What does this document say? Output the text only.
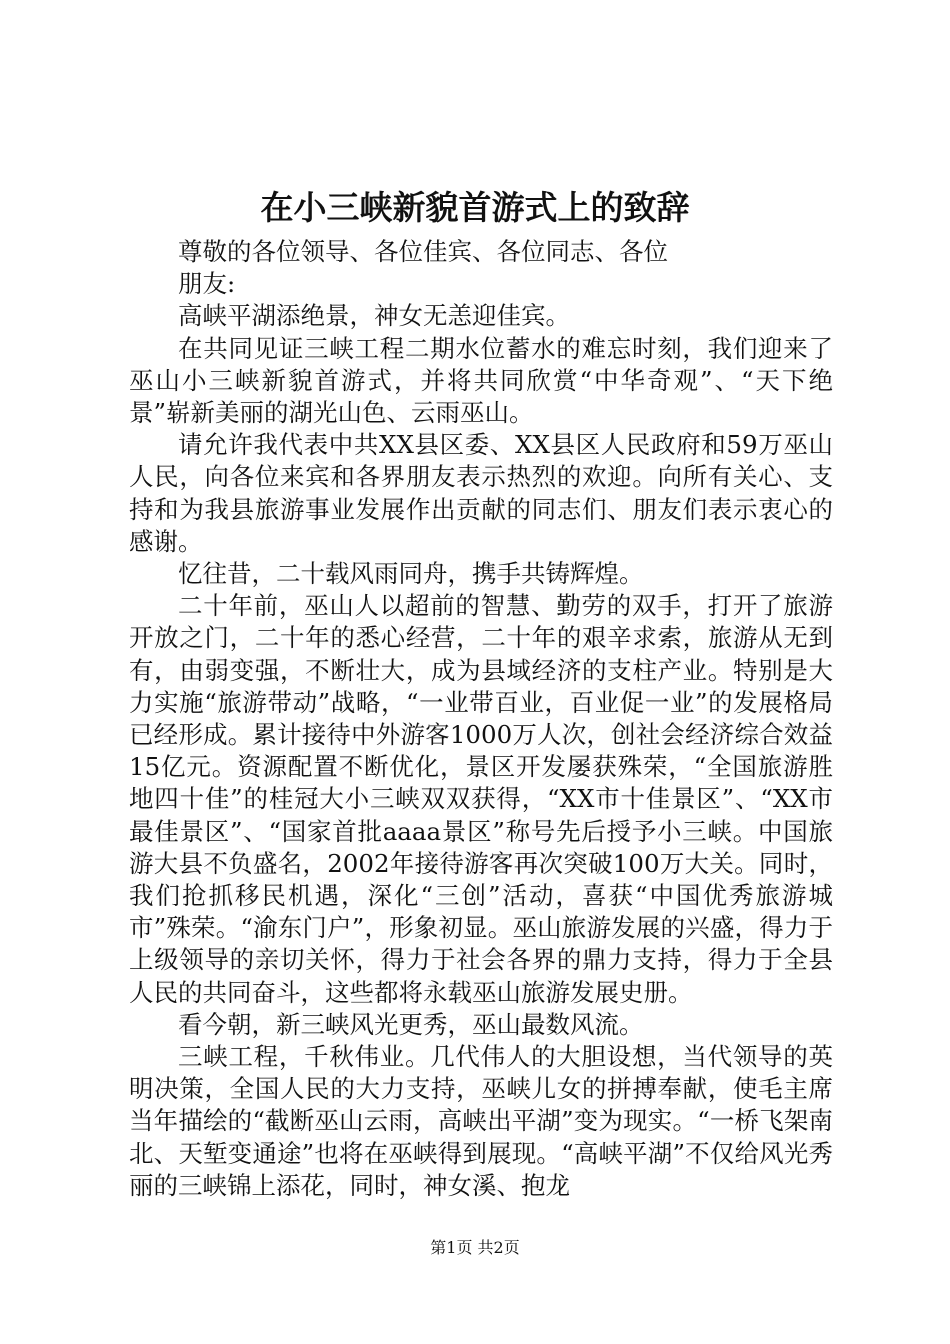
在小三峡新貌首游式上的致辞

尊敬的各位领导、各位佳宾、各位同志、各位

朋友:

高峡平湖添绝景，神女无恙迎佳宾。

在共同见证三峡工程二期水位蓄水的难忘时刻，我们迎来了巫山小三峡新貌首游式，并将共同欣赏“中华奇观”、“天下绝景”崭新美丽的湖光山色、云雨巫山。

请允许我代表中共XX县区委、XX县区人民政府和59万巫山人民，向各位来宾和各界朋友表示热烈的欢迎。向所有关心、支持和为我县旅游事业发展作出贡献的同志们、朋友们表示衷心的感谢。

忆往昔，二十载风雨同舟，携手共铸辉煌。

二十年前，巫山人以超前的智慧、勤劳的双手，打开了旅游开放之门，二十年的悉心经营，二十年的艰辛求索，旅游从无到有，由弱变强，不断壮大，成为县域经济的支柱产业。特别是大力实施“旅游带动”战略，“一业带百业，百业促一业”的发展格局已经形成。累计接待中外游客1000万人次，创社会经济综合效益15亿元。资源配置不断优化，景区开发屡获殊荣，“全国旅游胜地四十佳”的桂冠大小三峡双双获得，“XX市十佳景区”、“XX市最佳景区”、“国家首批aaaa景区”称号先后授予小三峡。中国旅游大县不负盛名，2002年接待游客再次突破100万大关。同时，我们抢抓移民机遇，深化“三创”活动，喜获“中国优秀旅游城市”殊荣。“渝东门户”，形象初显。巫山旅游发展的兴盛，得力于上级领导的亲切关怀，得力于社会各界的鼎力支持，得力于全县人民的共同奋斗，这些都将永载巫山旅游发展史册。

看今朝，新三峡风光更秀，巫山最数风流。

三峡工程，千秋伟业。几代伟人的大胆设想，当代领导的英明决策，全国人民的大力支持，巫峡儿女的拼搏奉献，使毛主席当年描绘的“截断巫山云雨，高峡出平湖”变为现实。“一桥飞架南北、天堑变通途”也将在巫峡得到展现。“高峡平湖”不仅给风光秀丽的三峡锦上添花，同时，神女溪、抱龙

第1页 共2页
